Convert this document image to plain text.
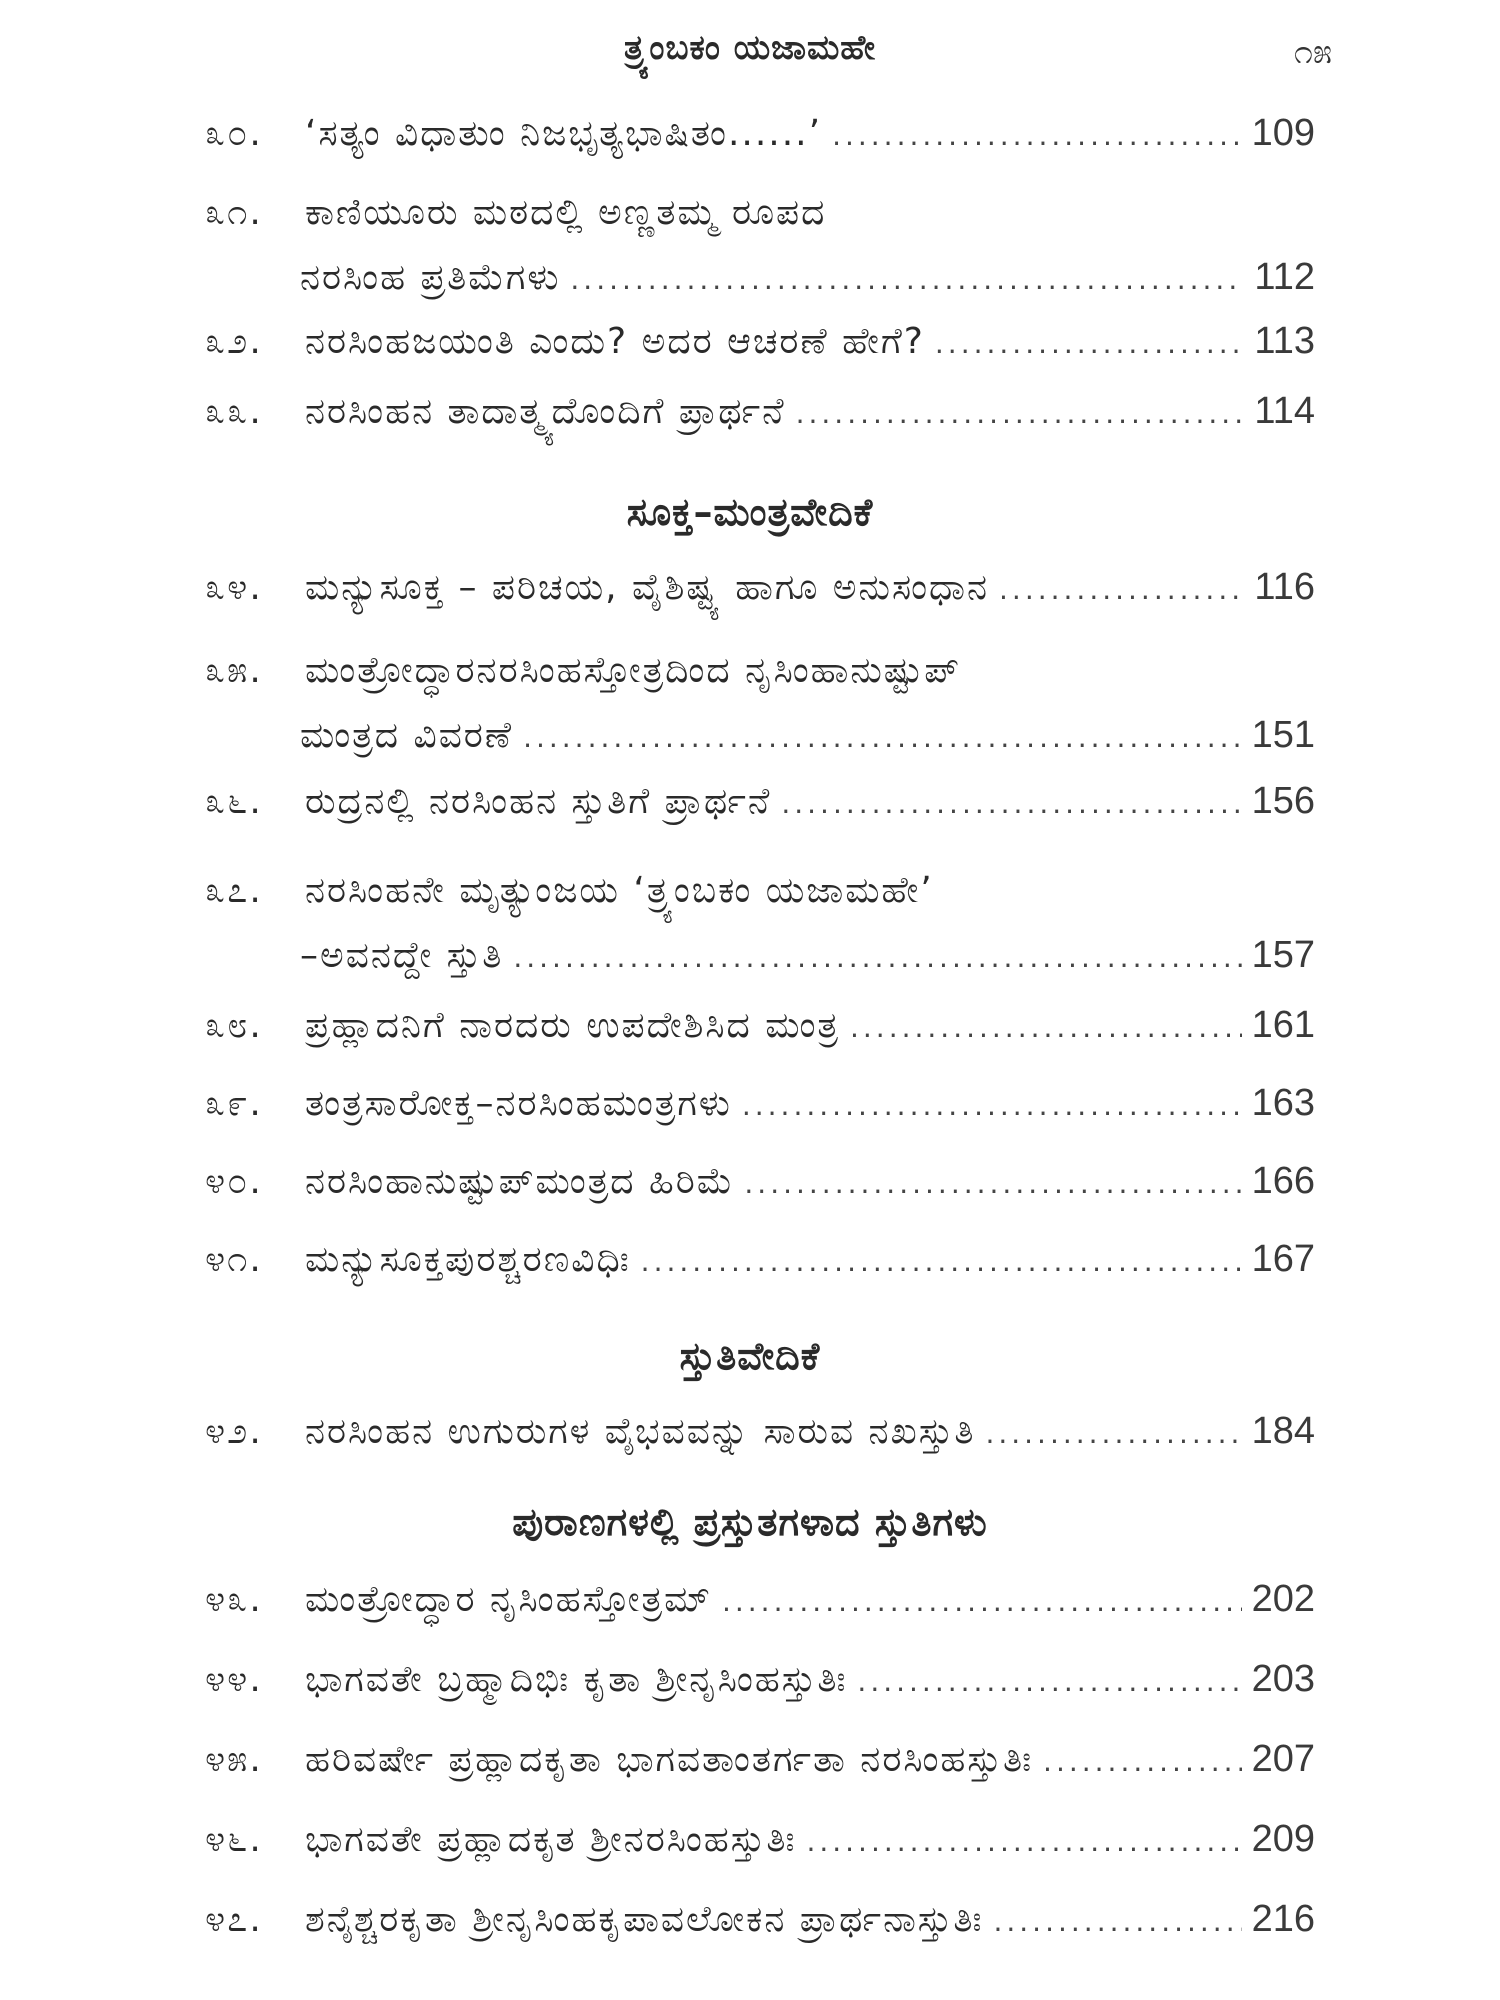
ತ್ರ್ಯಂಬಕಂ ಯಜಾಮಹೇ	೧೫
೩೦.	‘ಸತ್ಯಂ ವಿಧಾತುಂ ನಿಜಭೃತ್ಯಭಾಷಿತಂ......’ .....	109
೩೧.	ಕಾಣಿಯೂರು ಮಠದಲ್ಲಿ ಅಣ್ಣತಮ್ಮ ರೂಪದ
ನರಸಿಂಹ ಪ್ರತಿಮೆಗಳು .....	112
೩೨.	ನರಸಿಂಹಜಯಂತಿ ಎಂದು? ಅದರ ಆಚರಣೆ ಹೇಗೆ? .....	113
೩೩.	ನರಸಿಂಹನ ತಾದಾತ್ಮ್ಯದೊಂದಿಗೆ ಪ್ರಾರ್ಥನೆ .....	114
ಸೂಕ್ತ–ಮಂತ್ರವೇದಿಕೆ
೩೪.	ಮನ್ಯುಸೂಕ್ತ – ಪರಿಚಯ, ವೈಶಿಷ್ಟ್ಯ ಹಾಗೂ ಅನುಸಂಧಾನ .....	116
೩೫.	ಮಂತ್ರೋದ್ಧಾರನರಸಿಂಹಸ್ತೋತ್ರದಿಂದ ನೃಸಿಂಹಾನುಷ್ಟುಪ್
ಮಂತ್ರದ ವಿವರಣೆ .....	151
೩೬.	ರುದ್ರನಲ್ಲಿ ನರಸಿಂಹನ ಸ್ತುತಿಗೆ ಪ್ರಾರ್ಥನೆ .....	156
೩೭.	ನರಸಿಂಹನೇ ಮೃತ್ಯುಂಜಯ ‘ತ್ರ್ಯಂಬಕಂ ಯಜಾಮಹೇ’
–ಅವನದ್ದೇ ಸ್ತುತಿ .....	157
೩೮.	ಪ್ರಹ್ಲಾದನಿಗೆ ನಾರದರು ಉಪದೇಶಿಸಿದ ಮಂತ್ರ .....	161
೩೯.	ತಂತ್ರಸಾರೋಕ್ತ–ನರಸಿಂಹಮಂತ್ರಗಳು .....	163
೪೦.	ನರಸಿಂಹಾನುಷ್ಟುಪ್‌ಮಂತ್ರದ ಹಿರಿಮೆ .....	166
೪೧.	ಮನ್ಯುಸೂಕ್ತಪುರಶ್ಚರಣವಿಧಿಃ .....	167
ಸ್ತುತಿವೇದಿಕೆ
೪೨.	ನರಸಿಂಹನ ಉಗುರುಗಳ ವೈಭವವನ್ನು ಸಾರುವ ನಖಸ್ತುತಿ .....	184
ಪುರಾಣಗಳಲ್ಲಿ ಪ್ರಸ್ತುತಗಳಾದ ಸ್ತುತಿಗಳು
೪೩.	ಮಂತ್ರೋದ್ಧಾರ ನೃಸಿಂಹಸ್ತೋತ್ರಮ್ .....	202
೪೪.	ಭಾಗವತೇ ಬ್ರಹ್ಮಾದಿಭಿಃ ಕೃತಾ ಶ್ರೀನೃಸಿಂಹಸ್ತುತಿಃ .....	203
೪೫.	ಹರಿವರ್ಷೇ ಪ್ರಹ್ಲಾದಕೃತಾ ಭಾಗವತಾಂತರ್ಗತಾ ನರಸಿಂಹಸ್ತುತಿಃ .....	207
೪೬.	ಭಾಗವತೇ ಪ್ರಹ್ಲಾದಕೃತ ಶ್ರೀನರಸಿಂಹಸ್ತುತಿಃ .....	209
೪೭.	ಶನೈಶ್ಚರಕೃತಾ ಶ್ರೀನೃಸಿಂಹಕೃಪಾವಲೋಕನ ಪ್ರಾರ್ಥನಾಸ್ತುತಿಃ .....	216
